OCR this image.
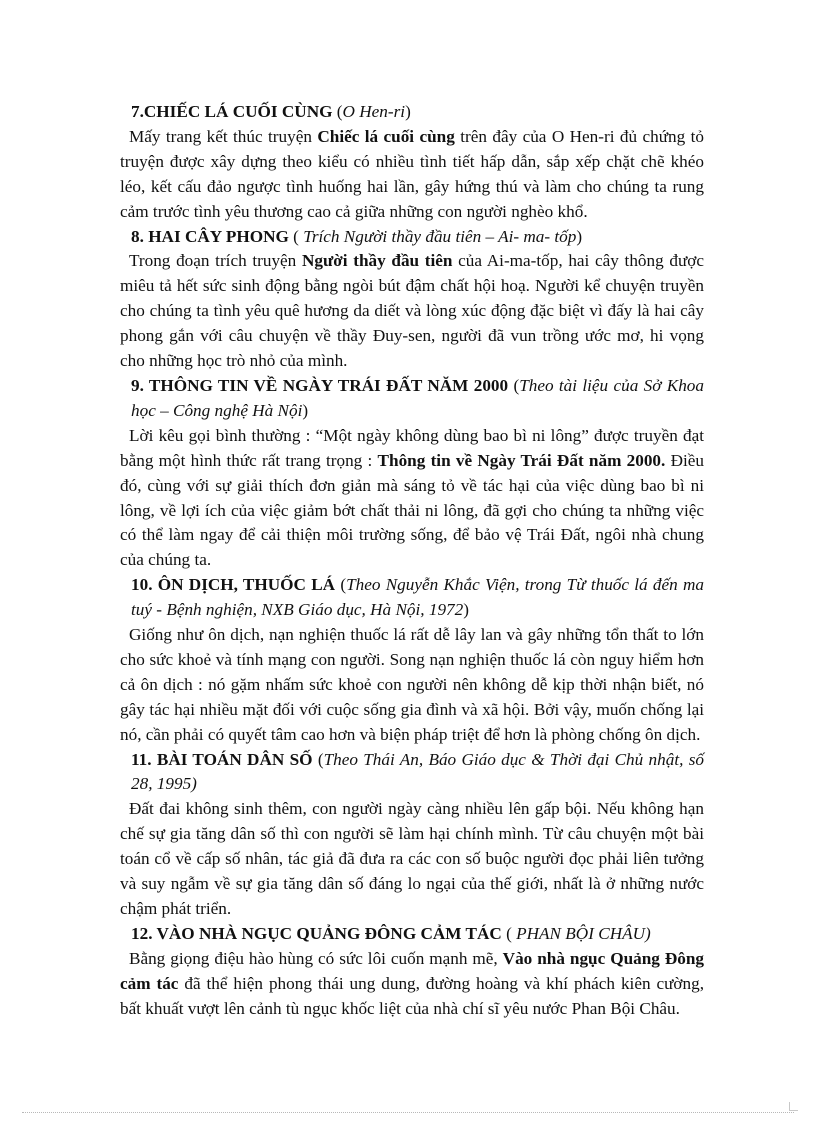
7.CHIẾC LÁ CUỐI CÙNG (O Hen-ri)

Mấy trang kết thúc truyện Chiếc lá cuối cùng trên đây của O Hen-ri đủ chứng tỏ truyện được xây dựng theo kiểu có nhiều tình tiết hấp dẫn, sắp xếp chặt chẽ khéo léo, kết cấu đảo ngược tình huống hai lần, gây hứng thú và làm cho chúng ta rung cảm trước tình yêu thương cao cả giữa những con người nghèo khổ.

8. HAI CÂY PHONG ( Trích Người thầy đầu tiên – Ai- ma- tốp)

Trong đoạn trích truyện Người thầy đầu tiên của Ai-ma-tốp, hai cây thông được miêu tả hết sức sinh động bằng ngòi bút đậm chất hội hoạ. Người kể chuyện truyền cho chúng ta tình yêu quê hương da diết và lòng xúc động đặc biệt vì đấy là hai cây phong gắn với câu chuyện về thầy Đuy-sen, người đã vun trồng ước mơ, hi vọng cho những học trò nhỏ của mình.

9. THÔNG TIN VỀ NGÀY TRÁI ĐẤT NĂM 2000 (Theo tài liệu của Sở Khoa học – Công nghệ Hà Nội)

Lời kêu gọi bình thường : “Một ngày không dùng bao bì ni lông” được truyền đạt bằng một hình thức rất trang trọng : Thông tin về Ngày Trái Đất năm 2000. Điều đó, cùng với sự giải thích đơn giản mà sáng tỏ về tác hại của việc dùng bao bì ni lông, về lợi ích của việc giảm bớt chất thải ni lông, đã gợi cho chúng ta những việc có thể làm ngay để cải thiện môi trường sống, để bảo vệ Trái Đất, ngôi nhà chung của chúng ta.

10. ÔN DỊCH, THUỐC LÁ (Theo Nguyễn Khắc Viện, trong Từ thuốc lá đến ma tuý - Bệnh nghiện, NXB Giáo dục, Hà Nội, 1972)

Giống như ôn dịch, nạn nghiện thuốc lá rất dễ lây lan và gây những tổn thất to lớn cho sức khoẻ và tính mạng con người. Song nạn nghiện thuốc lá còn nguy hiểm hơn cả ôn dịch : nó gặm nhấm sức khoẻ con người nên không dễ kịp thời nhận biết, nó gây tác hại nhiều mặt đối với cuộc sống gia đình và xã hội. Bởi vậy, muốn chống lại nó, cần phải có quyết tâm cao hơn và biện pháp triệt để hơn là phòng chống ôn dịch.

11. BÀI TOÁN DÂN SỐ (Theo Thái An, Báo Giáo dục & Thời đại Chủ nhật, số 28, 1995)

Đất đai không sinh thêm, con người ngày càng nhiều lên gấp bội. Nếu không hạn chế sự gia tăng dân số thì con người sẽ làm hại chính mình. Từ câu chuyện một bài toán cổ về cấp số nhân, tác giả đã đưa ra các con số buộc người đọc phải liên tưởng và suy ngẫm về sự gia tăng dân số đáng lo ngại của thế giới, nhất là ở những nước chậm phát triển.

12. VÀO NHÀ NGỤC QUẢNG ĐÔNG CẢM TÁC ( PHAN BỘI CHÂU)

Bằng giọng điệu hào hùng có sức lôi cuốn mạnh mẽ, Vào nhà ngục Quảng Đông cảm tác đã thể hiện phong thái ung dung, đường hoàng và khí phách kiên cường, bất khuất vượt lên cảnh tù ngục khốc liệt của nhà chí sĩ yêu nước Phan Bội Châu.
